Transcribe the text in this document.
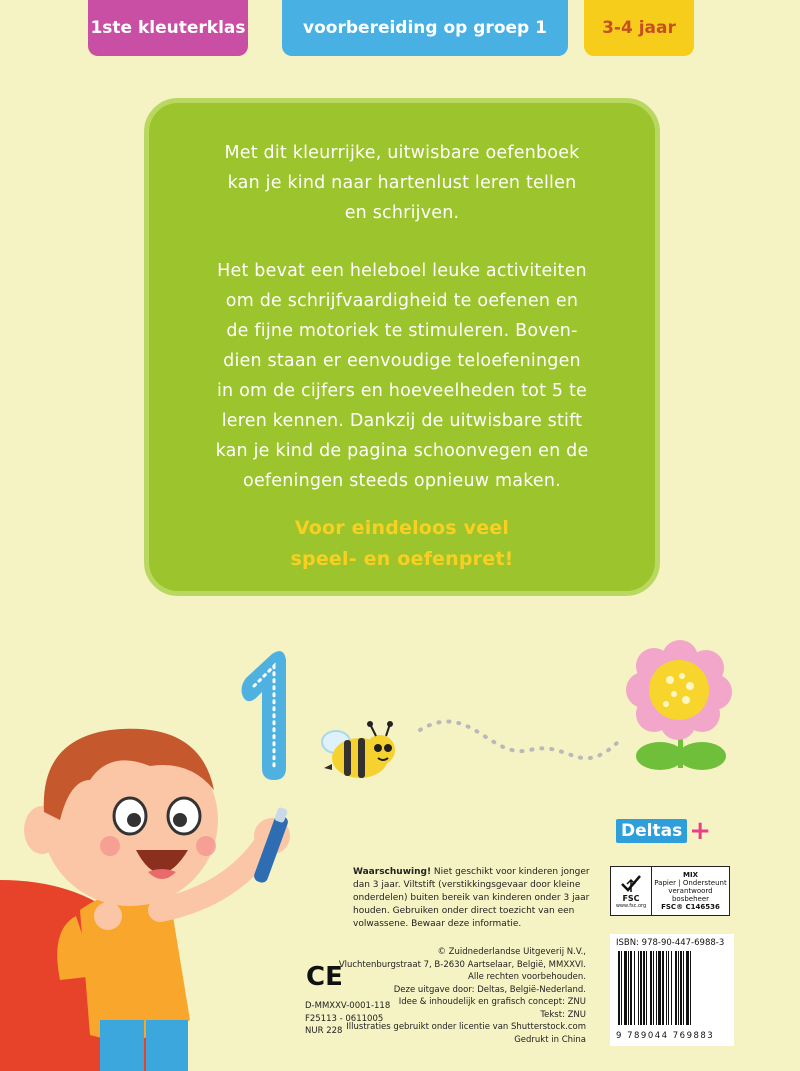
1ste kleuterklas	voorbereiding op groep 1	3-4 jaar

Met dit kleurrijke, uitwisbare oefenboek

kan je kind naar hartenlust leren tellen

en schrijven.

Het bevat een heleboel leuke activiteiten

om de schrijfvaardigheid te oefenen en

de fijne motoriek te stimuleren. Boven-

dien staan er eenvoudige teloefeningen

in om de cijfers en hoeveelheden tot 5 te

leren kennen. Dankzij de uitwisbare stift

kan je kind de pagina schoonvegen en de

oefeningen steeds opnieuw maken.

Voor eindeloos veel

speel- en oefenpret!

Deltas +
Waarschuwing! Niet geschikt voor kinderen jonger dan 3 jaar. Viltstift (verstikkingsgevaar door kleine onderdelen) buiten bereik van kinderen onder 3 jaar houden. Gebruiken onder direct toezicht van een volwassene. Bewaar deze informatie.
FSC
www.fsc.org
MIX
Papier | Ondersteunt
verantwoord bosbeheer
FSC® C146536
© Zuidnederlandse Uitgeverij N.V.,
Vluchtenburgstraat 7, B-2630 Aartselaar, België, MMXXVI.
Alle rechten voorbehouden.
Deze uitgave door: Deltas, België-Nederland.
Idee & inhoudelijk en grafisch concept: ZNU
Tekst: ZNU
Illustraties gebruikt onder licentie van Shutterstock.com
Gedrukt in China
CE
D-MMXXV-0001-118
F25113 - 0611005
NUR 228
ISBN: 978-90-447-6988-3
9 789044 769883
